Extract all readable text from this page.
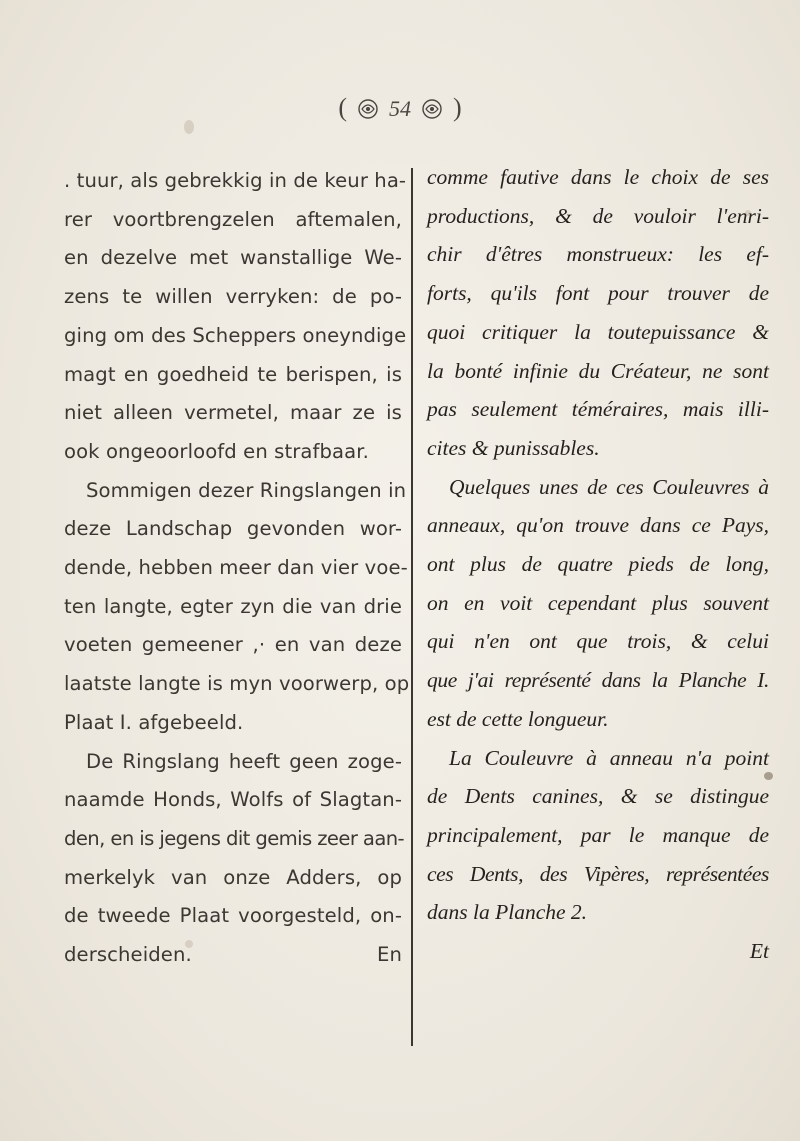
( 54 )
. tuur, als gebrekkig in de keur ha-
rer voortbrengzelen aftemalen,
en dezelve met wanstallige We-
zens te willen verryken: de po-
ging om des Scheppers oneyndige
magt en goedheid te berispen, is
niet alleen vermetel, maar ze is
ook ongeoorloofd en strafbaar.
Sommigen dezer Ringslangen in
deze Landschap gevonden wor-
dende, hebben meer dan vier voe-
ten langte, egter zyn die van drie
voeten gemeener ,· en van deze
laatste langte is myn voorwerp, op
Plaat I. afgebeeld.
De Ringslang heeft geen zoge-
naamde Honds, Wolfs of Slagtan-
den, en is jegens dit gemis zeer aan-
merkelyk van onze Adders, op
de tweede Plaat voorgesteld, on-
derscheiden.	En
comme fautive dans le choix de ses
productions, & de vouloir l'enri-
chir d'êtres monstrueux: les ef-
forts, qu'ils font pour trouver de
quoi critiquer la toutepuissance &
la bonté infinie du Créateur, ne sont
pas seulement téméraires, mais illi-
cites & punissables.
Quelques unes de ces Couleuvres à
anneaux, qu'on trouve dans ce Pays,
ont plus de quatre pieds de long,
on en voit cependant plus souvent
qui n'en ont que trois, & celui
que j'ai représenté dans la Planche I.
est de cette longueur.
La Couleuvre à anneau n'a point
de Dents canines, & se distingue
principalement, par le manque de
ces Dents, des Vipères, représentées
dans la Planche 2.
Et
